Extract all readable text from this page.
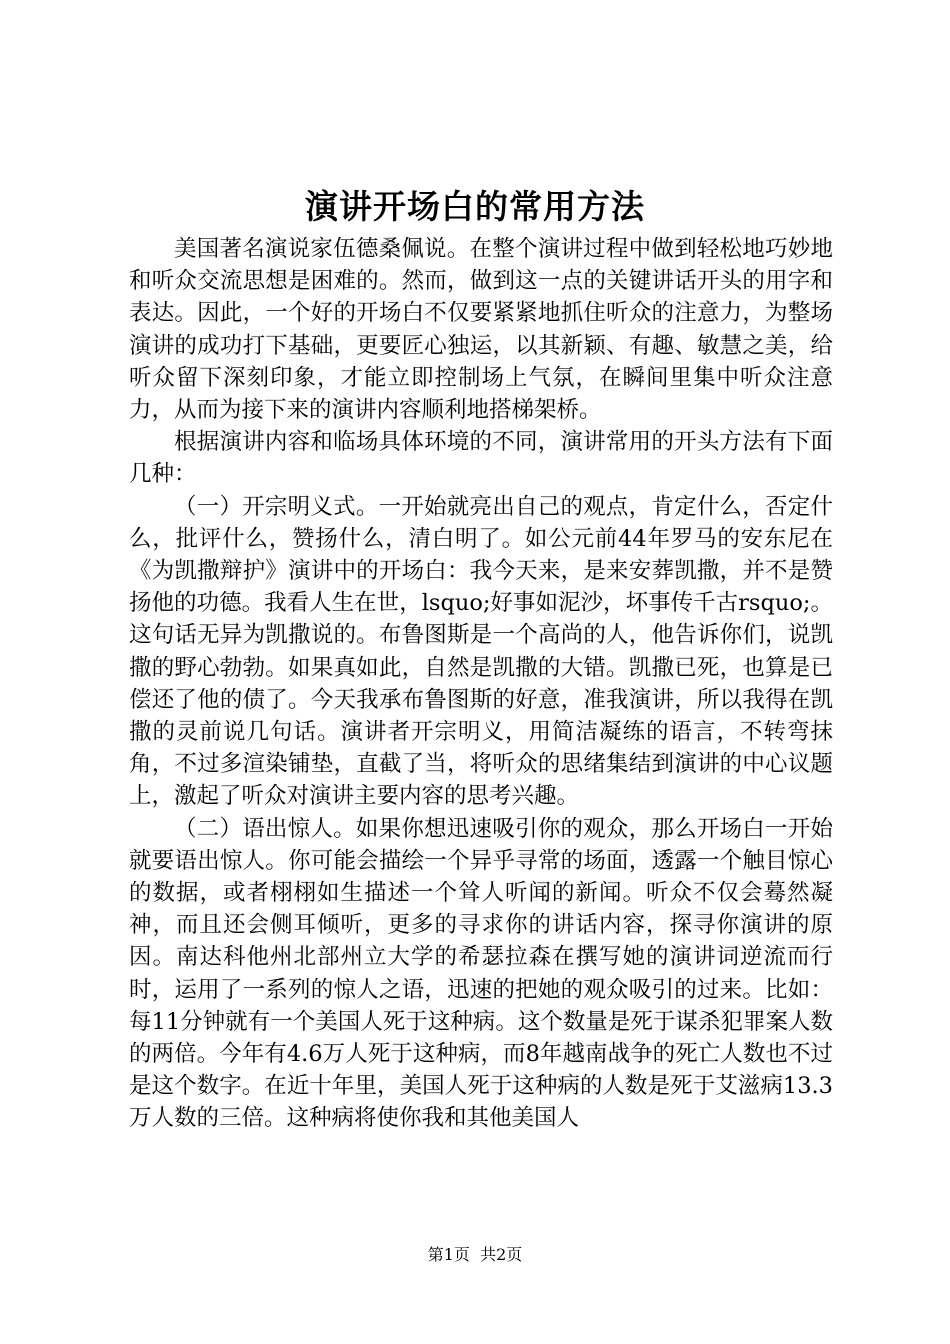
演讲开场白的常用方法

美国著名演说家伍德桑佩说。在整个演讲过程中做到轻松地巧妙地和听众交流思想是困难的。然而，做到这一点的关键讲话开头的用字和表达。因此，一个好的开场白不仅要紧紧地抓住听众的注意力，为整场演讲的成功打下基础，更要匠心独运，以其新颖、有趣、敏慧之美，给听众留下深刻印象，才能立即控制场上气氛，在瞬间里集中听众注意力，从而为接下来的演讲内容顺利地搭梯架桥。

根据演讲内容和临场具体环境的不同，演讲常用的开头方法有下面几种：

（一）开宗明义式。一开始就亮出自己的观点，肯定什么，否定什么，批评什么，赞扬什么，清白明了。如公元前44年罗马的安东尼在《为凯撒辩护》演讲中的开场白：我今天来，是来安葬凯撒，并不是赞扬他的功德。我看人生在世，lsquo;好事如泥沙，坏事传千古rsquo;。这句话无异为凯撒说的。布鲁图斯是一个高尚的人，他告诉你们，说凯撒的野心勃勃。如果真如此，自然是凯撒的大错。凯撒已死，也算是已偿还了他的债了。今天我承布鲁图斯的好意，准我演讲，所以我得在凯撒的灵前说几句话。演讲者开宗明义，用简洁凝练的语言，不转弯抹角，不过多渲染铺垫，直截了当，将听众的思绪集结到演讲的中心议题上，激起了听众对演讲主要内容的思考兴趣。

（二）语出惊人。如果你想迅速吸引你的观众，那么开场白一开始就要语出惊人。你可能会描绘一个异乎寻常的场面，透露一个触目惊心的数据，或者栩栩如生描述一个耸人听闻的新闻。听众不仅会蓦然凝神，而且还会侧耳倾听，更多的寻求你的讲话内容，探寻你演讲的原因。南达科他州北部州立大学的希瑟拉森在撰写她的演讲词逆流而行时，运用了一系列的惊人之语，迅速的把她的观众吸引的过来。比如：每11分钟就有一个美国人死于这种病。这个数量是死于谋杀犯罪案人数的两倍。今年有4.6万人死于这种病，而8年越南战争的死亡人数也不过是这个数字。在近十年里，美国人死于这种病的人数是死于艾滋病13.3万人数的三倍。这种病将使你我和其他美国人

第1页 共2页
